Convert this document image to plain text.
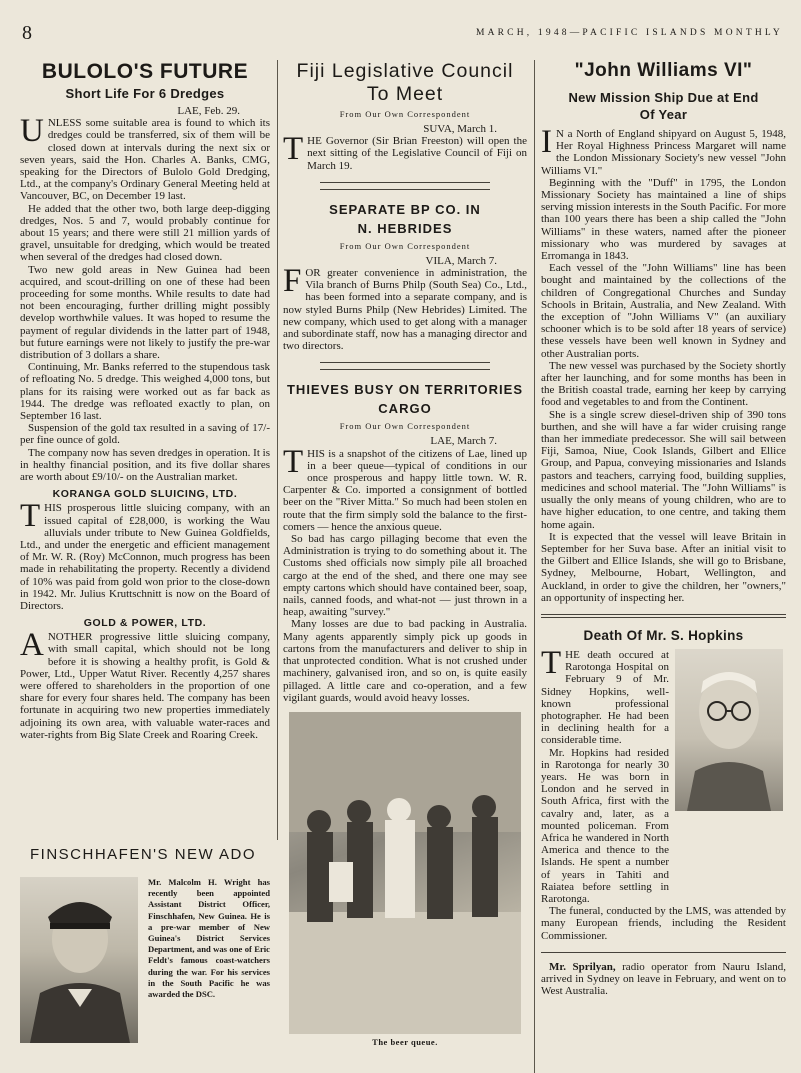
8	MARCH, 1948—PACIFIC ISLANDS MONTHLY
BULOLO'S FUTURE
Short Life For 6 Dredges

LAE, Feb. 29.

UNLESS some suitable area is found to which its dredges could be transferred, six of them will be closed down at intervals during the next six or seven years, said the Hon. Charles A. Banks, CMG, speaking for the Directors of Bulolo Gold Dredging, Ltd., at the company's Ordinary General Meeting held at Vancouver, BC, on December 19 last.

He added that the other two, both large deep-digging dredges, Nos. 5 and 7, would probably continue for about 15 years; and there were still 21 million yards of gravel, unsuitable for dredging, which would be treated when several of the dredges had closed down.

Two new gold areas in New Guinea had been acquired, and scout-drilling on one of these had been proceeding for some months. While results to date had not been encouraging, further drilling might possibly develop worthwhile values. It was hoped to resume the payment of regular dividends in the latter part of 1948, but future earnings were not likely to justify the pre-war distribution of 3 dollars a share.

Continuing, Mr. Banks referred to the stupendous task of refloating No. 5 dredge. This weighed 4,000 tons, but plans for its raising were worked out as far back as 1944. The dredge was refloated exactly to plan, on September 16 last.

Suspension of the gold tax resulted in a saving of 17/- per fine ounce of gold.

The company now has seven dredges in operation. It is in healthy financial position, and its five dollar shares are worth about £9/10/- on the Australian market.

KORANGA GOLD SLUICING, LTD.

THIS prosperous little sluicing company, with an issued capital of £28,000, is working the Wau alluvials under tribute to New Guinea Goldfields, Ltd., and under the energetic and efficient management of Mr. W. R. (Roy) McConnon, much progress has been made in rehabilitating the property. Recently a dividend of 10% was paid from gold won prior to the close-down in 1942. Mr. Julius Kruttschnitt is now on the Board of Directors.

GOLD & POWER, LTD.

ANOTHER progressive little sluicing company, with small capital, which should not be long before it is showing a healthy profit, is Gold & Power, Ltd., Upper Watut River. Recently 4,257 shares were offered to shareholders in the proportion of one share for every four shares held. The company has been fortunate in acquiring two new properties immediately adjoining its own area, with valuable water-races and water-rights from Big Slate Creek and Roaring Creek.

FINSCHHAFEN'S NEW ADO
Mr. Malcolm H. Wright has recently been appointed Assistant District Officer, Finschhafen, New Guinea. He is a pre-war member of New Guinea's District Services Department, and was one of Eric Feldt's famous coast-watchers during the war. For his services in the South Pacific he was awarded the DSC.
Fiji Legislative Council
To Meet
From Our Own Correspondent

SUVA, March 1.

THE Governor (Sir Brian Freeston) will open the next sitting of the Legislative Council of Fiji on March 19.

SEPARATE BP CO. IN
N. HEBRIDES
From Our Own Correspondent

VILA, March 7.

FOR greater convenience in administration, the Vila branch of Burns Philp (South Sea) Co., Ltd., has been formed into a separate company, and is now styled Burns Philp (New Hebrides) Limited. The new company, which used to get along with a manager and subordinate staff, now has a managing director and two directors.

THIEVES BUSY ON TERRITORIES
CARGO
From Our Own Correspondent

LAE, March 7.

THIS is a snapshot of the citizens of Lae, lined up in a beer queue—typical of conditions in our once prosperous and happy little town. W. R. Carpenter & Co. imported a consignment of bottled beer on the "River Mitta." So much had been stolen en route that the firm simply sold the balance to the first-comers — hence the anxious queue.

So bad has cargo pillaging become that even the Administration is trying to do something about it. The Customs shed officials now simply pile all broached cargo at the end of the shed, and there one may see empty cartons which should have contained beer, soap, nails, canned foods, and what-not — just thrown in a heap, awaiting "survey."

Many losses are due to bad packing in Australia. Many agents apparently simply pick up goods in cartons from the manufacturers and deliver to ship in that unprotected condition. What is not crushed under machinery, galvanised iron, and so on, is quite easily pillaged. A little care and co-operation, and a few vigilant guards, would avoid heavy losses.

The beer queue.
"John Williams VI"
New Mission Ship Due at End
Of Year

IN a North of England shipyard on August 5, 1948, Her Royal Highness Princess Margaret will name the London Missionary Society's new vessel "John Williams VI."

Beginning with the "Duff" in 1795, the London Missionary Society has maintained a line of ships serving mission interests in the South Pacific. For more than 100 years there has been a ship called the "John Williams" in these waters, named after the pioneer missionary who was murdered by savages at Erromanga in 1843.

Each vessel of the "John Williams" line has been bought and maintained by the collections of the children of Congregational Churches and Sunday Schools in Britain, Australia, and New Zealand. With the exception of "John Williams V" (an auxiliary schooner which is to be sold after 18 years of service) these vessels have been well known in Sydney and other Australian ports.

The new vessel was purchased by the Society shortly after her launching, and for some months has been in the British coastal trade, earning her keep by carrying food and vegetables to and from the Continent.

She is a single screw diesel-driven ship of 390 tons burthen, and she will have a far wider cruising range than her immediate predecessor. She will sail between Fiji, Samoa, Niue, Cook Islands, Gilbert and Ellice Group, and Papua, conveying missionaries and Islands pastors and teachers, carrying food, building supplies, medicines and school material. The "John Williams" is usually the only means of young children, who are to have higher education, to one centre, and taking them home again.

It is expected that the vessel will leave Britain in September for her Suva base. After an initial visit to the Gilbert and Ellice Islands, she will go to Brisbane, Sydney, Melbourne, Hobart, Wellington, and Auckland, in order to give the children, her "owners," an opportunity of inspecting her.

Death Of Mr. S. Hopkins

THE death occured at Rarotonga Hospital on February 9 of Mr. Sidney Hopkins, well-known professional photographer. He had been in declining health for a considerable time.

Mr. Hopkins had resided in Rarotonga for nearly 30 years. He was born in London and he served in South Africa, first with the cavalry and, later, as a mounted policeman. From Africa he wandered in North America and thence to the Islands. He spent a number of years in Tahiti and Raiatea before settling in Rarotonga.

The funeral, conducted by the LMS, was attended by many European friends, including the Resident Commissioner.

Mr. Sprilyan, radio operator from Nauru Island, arrived in Sydney on leave in February, and went on to West Australia.
